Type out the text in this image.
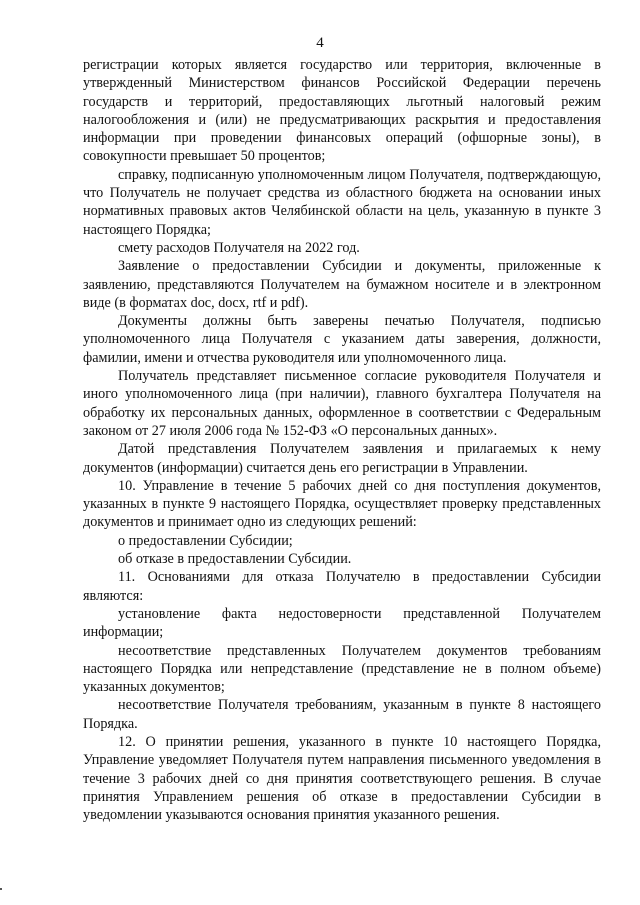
4

регистрации которых является государство или территория, включенные в утвержденный Министерством финансов Российской Федерации перечень государств и территорий, предоставляющих льготный налоговый режим налогообложения и (или) не предусматривающих раскрытия и предоставления информации при проведении финансовых операций (офшорные зоны), в совокупности превышает 50 процентов;

справку, подписанную уполномоченным лицом Получателя, подтверждающую, что Получатель не получает средства из областного бюджета на основании иных нормативных правовых актов Челябинской области на цель, указанную в пункте 3 настоящего Порядка;

смету расходов Получателя на 2022 год.

Заявление о предоставлении Субсидии и документы, приложенные к заявлению, представляются Получателем на бумажном носителе и в электронном виде (в форматах doc, docx, rtf и pdf).

Документы должны быть заверены печатью Получателя, подписью уполномоченного лица Получателя с указанием даты заверения, должности, фамилии, имени и отчества руководителя или уполномоченного лица.

Получатель представляет письменное согласие руководителя Получателя и иного уполномоченного лица (при наличии), главного бухгалтера Получателя на обработку их персональных данных, оформленное в соответствии с Федеральным законом от 27 июля 2006 года № 152-ФЗ «О персональных данных».

Датой представления Получателем заявления и прилагаемых к нему документов (информации) считается день его регистрации в Управлении.

10. Управление в течение 5 рабочих дней со дня поступления документов, указанных в пункте 9 настоящего Порядка, осуществляет проверку представленных документов и принимает одно из следующих решений:

о предоставлении Субсидии;

об отказе в предоставлении Субсидии.

11. Основаниями для отказа Получателю в предоставлении Субсидии являются:

установление факта недостоверности представленной Получателем информации;

несоответствие представленных Получателем документов требованиям настоящего Порядка или непредставление (представление не в полном объеме) указанных документов;

несоответствие Получателя требованиям, указанным в пункте 8 настоящего Порядка.

12. О принятии решения, указанного в пункте 10 настоящего Порядка, Управление уведомляет Получателя путем направления письменного уведомления в течение 3 рабочих дней со дня принятия соответствующего решения. В случае принятия Управлением решения об отказе в предоставлении Субсидии в уведомлении указываются основания принятия указанного решения.
